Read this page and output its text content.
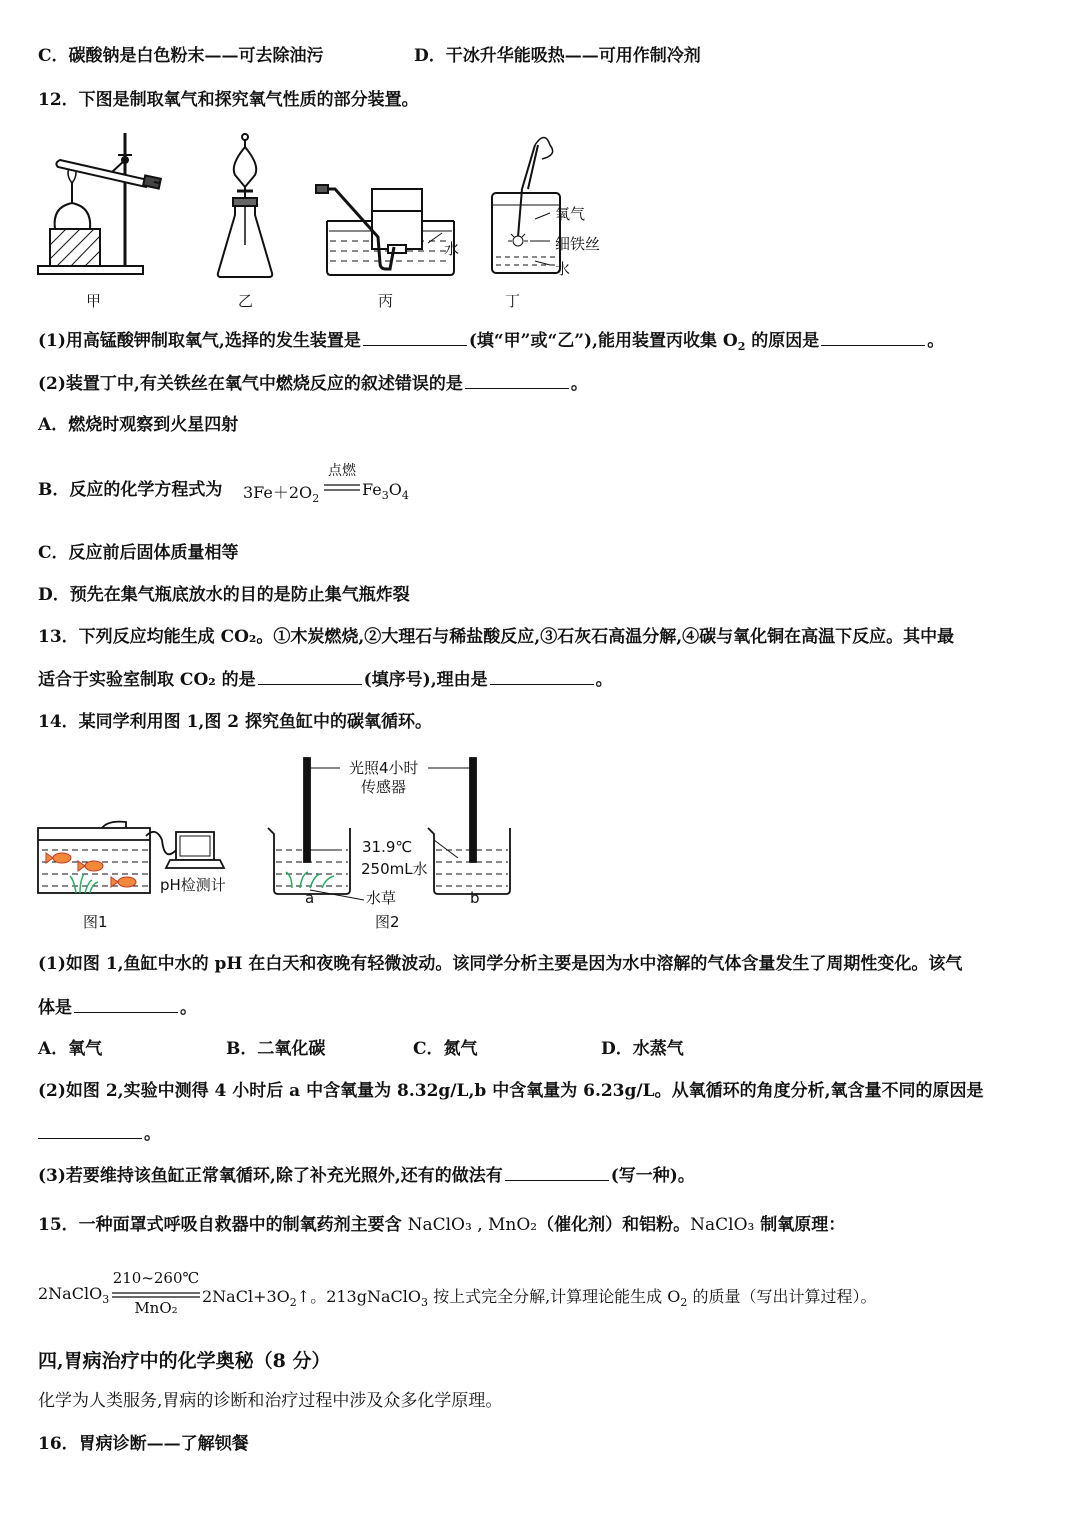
C．碳酸钠是白色粉末——可去除油污	D．干冰升华能吸热——可用作制冷剂
12．下图是制取氧气和探究氧气性质的部分装置。
水
氧气
细铁丝
水
甲	乙	丙	丁
(1)用高锰酸钾制取氧气,选择的发生装置是	(填“甲”或“乙”),能用装置丙收集 $O_2$ 的原因是	。
(2)装置丁中,有关铁丝在氧气中燃烧反应的叙述错误的是	。
A．燃烧时观察到火星四射
B．反应的化学方程式为 $3Fe+2O_2$
点燃
$Fe_3O_4$
C．反应前后固体质量相等
D．预先在集气瓶底放水的目的是防止集气瓶炸裂
13．下列反应均能生成 CO₂。①木炭燃烧,②大理石与稀盐酸反应,③石灰石高温分解,④碳与氧化铜在高温下反应。其中最
适合于实验室制取 CO₂ 的是	(填序号),理由是	。
14．某同学利用图 1,图 2 探究鱼缸中的碳氧循环。
光照4小时
传感器
31.9℃
250mL水
pH检测计
水草
a	b
图1	图2
(1)如图 1,鱼缸中水的 pH 在白天和夜晚有轻微波动。该同学分析主要是因为水中溶解的气体含量发生了周期性变化。该气
体是	。
A．氧气	B．二氧化碳	C．氮气	D．水蒸气
(2)如图 2,实验中测得 4 小时后 a 中含氧量为 8.32g/L,b 中含氧量为 6.23g/L。从氧循环的角度分析,氧含量不同的原因是
。
(3)若要维持该鱼缸正常氧循环,除了补充光照外,还有的做法有	(写一种)。
15．一种面罩式呼吸自救器中的制氧药剂主要含 NaClO₃ , MnO₂（催化剂）和铝粉。NaClO₃ 制氧原理：
2NaClO$_3$
210~260℃
MnO₂
$2NaCl+3O_2↑$。213gNaClO$_3$ 按上式完全分解,计算理论能生成 $O_2$ 的质量（写出计算过程）。
四,胃病治疗中的化学奥秘（8 分）
化学为人类服务,胃病的诊断和治疗过程中涉及众多化学原理。
16．胃病诊断——了解钡餐
